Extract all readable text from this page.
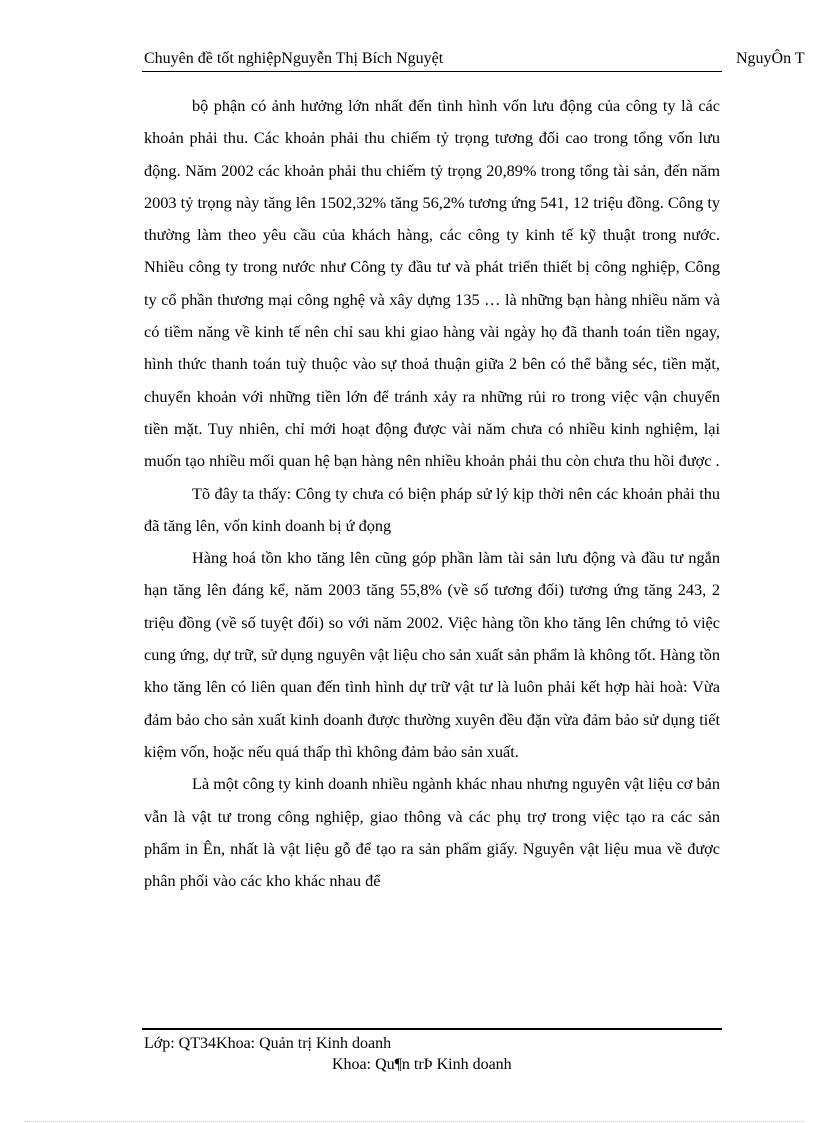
Chuyên đề tốt nghiệpNguyễn Thị Bích Nguyệt	NguyÔn T

bộ phận có ảnh hưởng lớn nhất đến tình hình vốn lưu động của công ty là các khoản phải thu. Các khoản phải thu chiếm tỷ trọng tương đối cao trong tổng vốn lưu động. Năm 2002 các khoản phải thu chiếm tỷ trọng 20,89% trong tổng tài sản, đến năm 2003 tỷ trọng này tăng lên 1502,32% tăng 56,2% tương ứng 541, 12 triệu đồng. Công ty thường làm theo yêu cầu của khách hàng, các công ty kinh tế kỹ thuật trong nước. Nhiều công ty trong nước như Công ty đầu tư và phát triển thiết bị công nghiệp, Công ty cổ phần thương mại công nghệ và xây dựng 135 … là những bạn hàng nhiều năm và có tiềm năng về kinh tế nên chỉ sau khi giao hàng vài ngày họ đã thanh toán tiền ngay, hình thức thanh toán tuỳ thuộc vào sự thoả thuận giữa 2 bên có thể bằng séc, tiền mặt, chuyển khoản với những tiền lớn để tránh xảy ra những rủi ro trong việc vận chuyển tiền mặt. Tuy nhiên, chỉ mới hoạt động được vài năm chưa có nhiều kinh nghiệm, lại muốn tạo nhiều mối quan hệ bạn hàng nên nhiều khoản phải thu còn chưa thu hồi được .

Tõ đây ta thấy: Công ty chưa có biện pháp sử lý kịp thời nên các khoản phải thu đã tăng lên, vốn kinh doanh bị ứ đọng

Hàng hoá tồn kho tăng lên cũng góp phần làm tài sản lưu động và đầu tư ngắn hạn tăng lên đáng kể, năm 2003 tăng 55,8% (về số tương đối) tương ứng tăng 243, 2 triệu đồng (về số tuyệt đối) so với năm 2002. Việc hàng tồn kho tăng lên chứng tỏ việc cung ứng, dự trữ, sử dụng nguyên vật liệu cho sản xuất sản phẩm là không tốt. Hàng tồn kho tăng lên có liên quan đến tình hình dự trữ vật tư là luôn phải kết hợp hài hoà: Vừa đảm bảo cho sản xuất kinh doanh được thường xuyên đều đặn vừa đảm bảo sử dụng tiết kiệm vốn, hoặc nếu quá thấp thì không đảm bảo sản xuất.

Là một công ty kinh doanh nhiều ngành khác nhau nhưng nguyên vật liệu cơ bản vẫn là vật tư trong công nghiệp, giao thông và các phụ trợ trong việc tạo ra các sản phẩm in Ên, nhất là vật liệu gỗ để tạo ra sản phẩm giấy. Nguyên vật liệu mua về được phân phối vào các kho khác nhau để

Lớp: QT34Khoa: Quản trị Kinh doanh
Khoa: Qu¶n trÞ Kinh doanh
